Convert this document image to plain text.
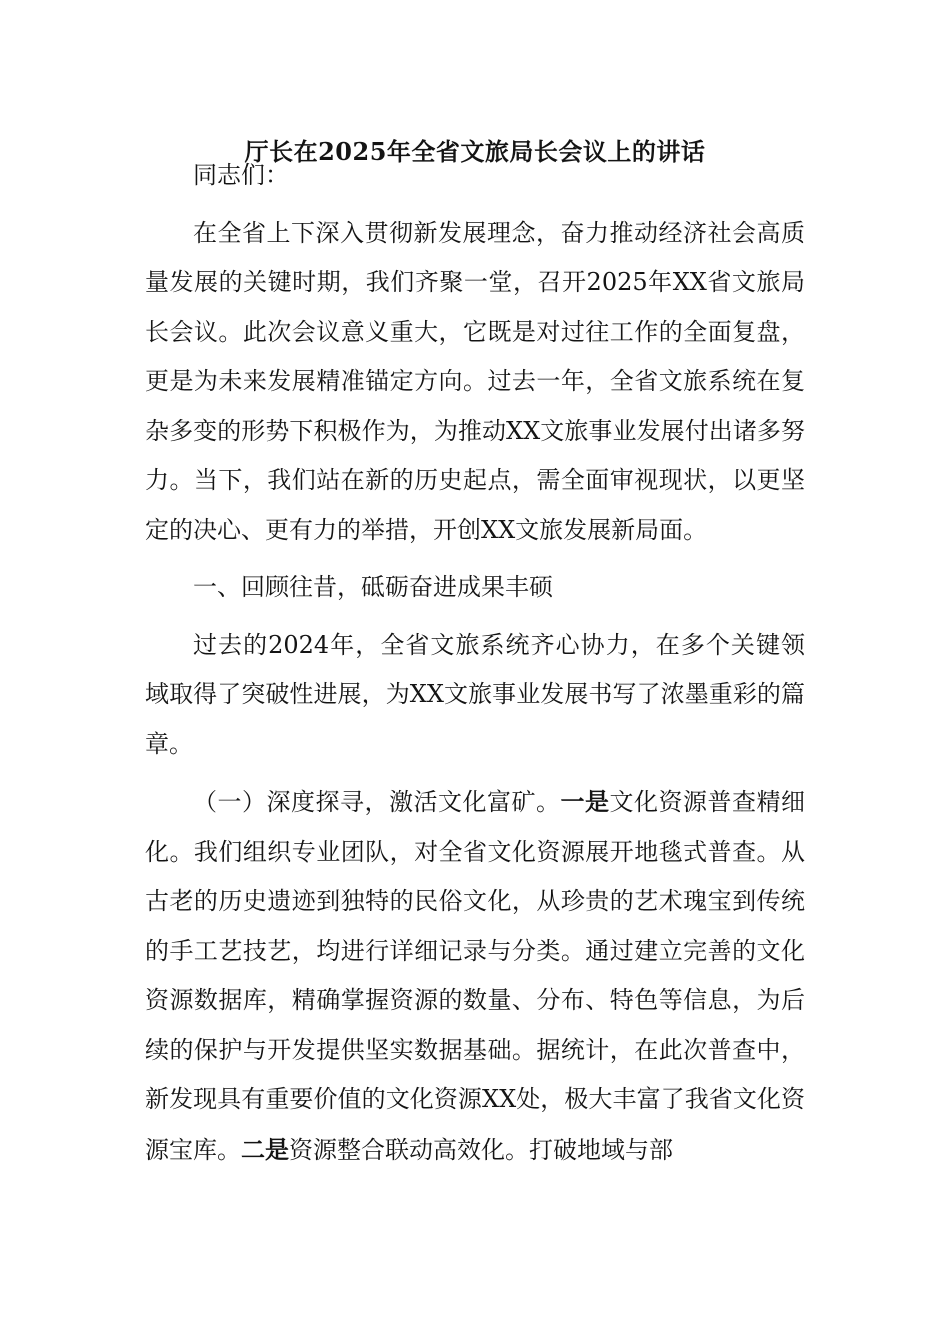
厅长在2025年全省文旅局长会议上的讲话

同志们：

在全省上下深入贯彻新发展理念，奋力推动经济社会高质量发展的关键时期，我们齐聚一堂，召开2025年XX省文旅局长会议。此次会议意义重大，它既是对过往工作的全面复盘，更是为未来发展精准锚定方向。过去一年，全省文旅系统在复杂多变的形势下积极作为，为推动XX文旅事业发展付出诸多努力。当下，我们站在新的历史起点，需全面审视现状，以更坚定的决心、更有力的举措，开创XX文旅发展新局面。

一、回顾往昔，砥砺奋进成果丰硕

过去的2024年，全省文旅系统齐心协力，在多个关键领域取得了突破性进展，为XX文旅事业发展书写了浓墨重彩的篇章。

（一）深度探寻，激活文化富矿。一是文化资源普查精细化。我们组织专业团队，对全省文化资源展开地毯式普查。从古老的历史遗迹到独特的民俗文化，从珍贵的艺术瑰宝到传统的手工艺技艺，均进行详细记录与分类。通过建立完善的文化资源数据库，精确掌握资源的数量、分布、特色等信息，为后续的保护与开发提供坚实数据基础。据统计，在此次普查中，新发现具有重要价值的文化资源XX处，极大丰富了我省文化资源宝库。二是资源整合联动高效化。打破地域与部
